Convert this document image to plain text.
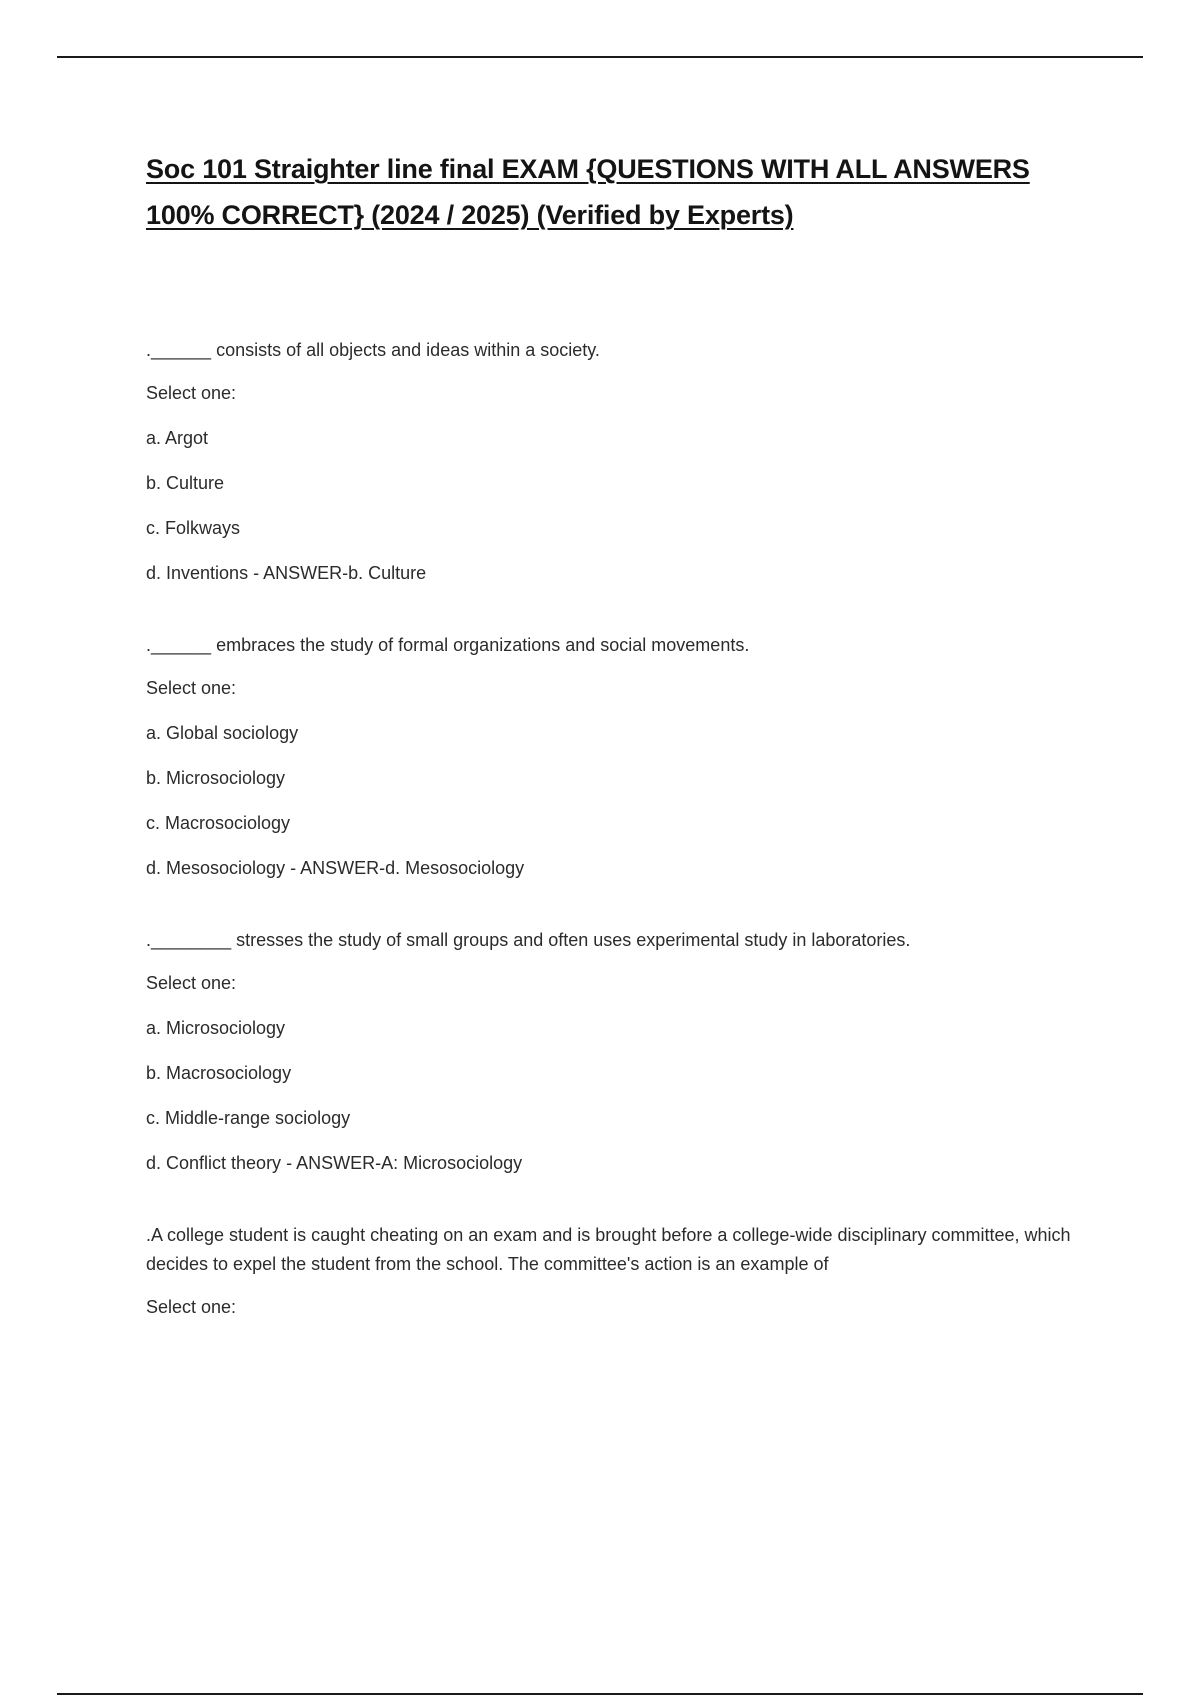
Soc 101 Straighter line final EXAM {QUESTIONS WITH ALL ANSWERS 100% CORRECT} (2024 / 2025) (Verified by Experts)

.______ consists of all objects and ideas within a society.

Select one:

a. Argot

b. Culture

c. Folkways

d. Inventions - ANSWER-b. Culture

.______ embraces the study of formal organizations and social movements.

Select one:

a. Global sociology

b. Microsociology

c. Macrosociology

d. Mesosociology - ANSWER-d. Mesosociology

.________ stresses the study of small groups and often uses experimental study in laboratories.

Select one:

a. Microsociology

b. Macrosociology

c. Middle-range sociology

d. Conflict theory - ANSWER-A: Microsociology

.A college student is caught cheating on an exam and is brought before a college-wide disciplinary committee, which decides to expel the student from the school. The committee's action is an example of

Select one:
